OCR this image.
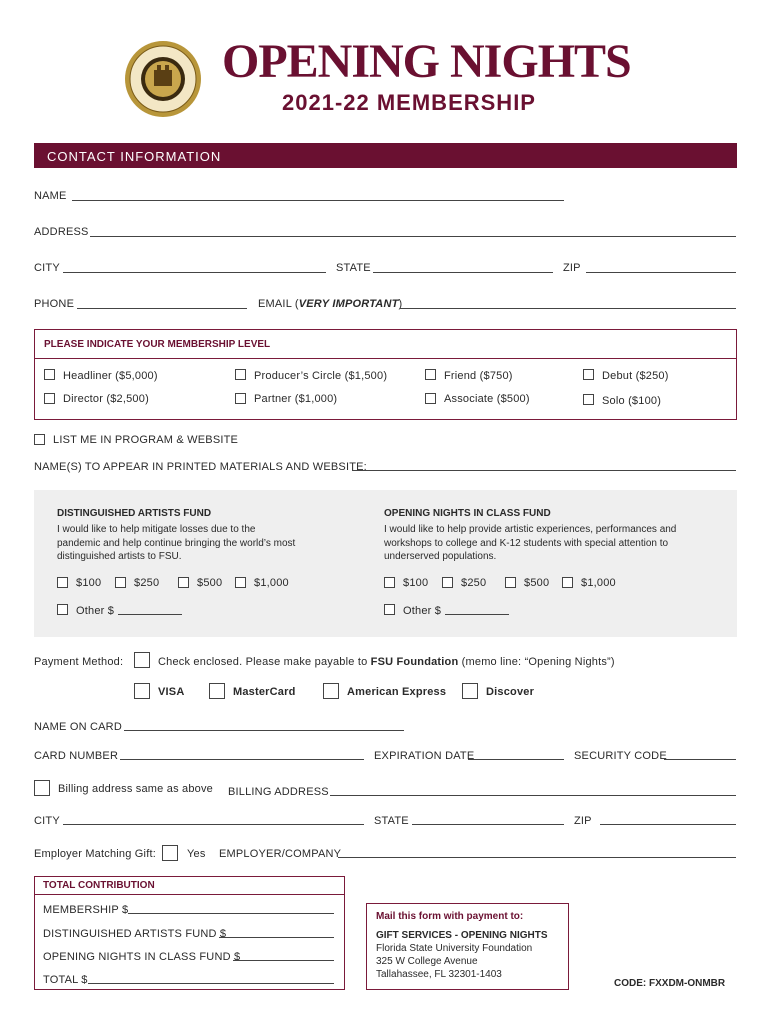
OPENING NIGHTS
2021-22 MEMBERSHIP
CONTACT INFORMATION
NAME
ADDRESS
CITY	STATE	ZIP
PHONE	EMAIL (VERY IMPORTANT)
PLEASE INDICATE YOUR MEMBERSHIP LEVEL
Headliner ($5,000)	Producer’s Circle ($1,500)	Friend ($750)	Debut ($250)
Director ($2,500)	Partner ($1,000)	Associate ($500)	Solo ($100)
LIST ME IN PROGRAM & WEBSITE
NAME(S) TO APPEAR IN PRINTED MATERIALS AND WEBSITE:
DISTINGUISHED ARTISTS FUND
I would like to help mitigate losses due to the pandemic and help continue bringing the world’s most distinguished artists to FSU.
$100	$250	$500	$1,000
Other $
OPENING NIGHTS IN CLASS FUND
I would like to help provide artistic experiences, performances and workshops to college and K-12 students with special attention to underserved populations.
$100	$250	$500	$1,000
Other $
Payment Method:	Check enclosed. Please make payable to FSU Foundation (memo line: “Opening Nights”)
VISA	MasterCard	American Express	Discover
NAME ON CARD
CARD NUMBER	EXPIRATION DATE	SECURITY CODE
Billing address same as above BILLING ADDRESS
CITY	STATE	ZIP
Employer Matching Gift:	Yes EMPLOYER/COMPANY
TOTAL CONTRIBUTION
MEMBERSHIP $
DISTINGUISHED ARTISTS FUND $
OPENING NIGHTS IN CLASS FUND $
TOTAL $
Mail this form with payment to:
GIFT SERVICES - OPENING NIGHTS
Florida State University Foundation
325 W College Avenue
Tallahassee, FL 32301-1403
CODE: FXXDM-ONMBR
